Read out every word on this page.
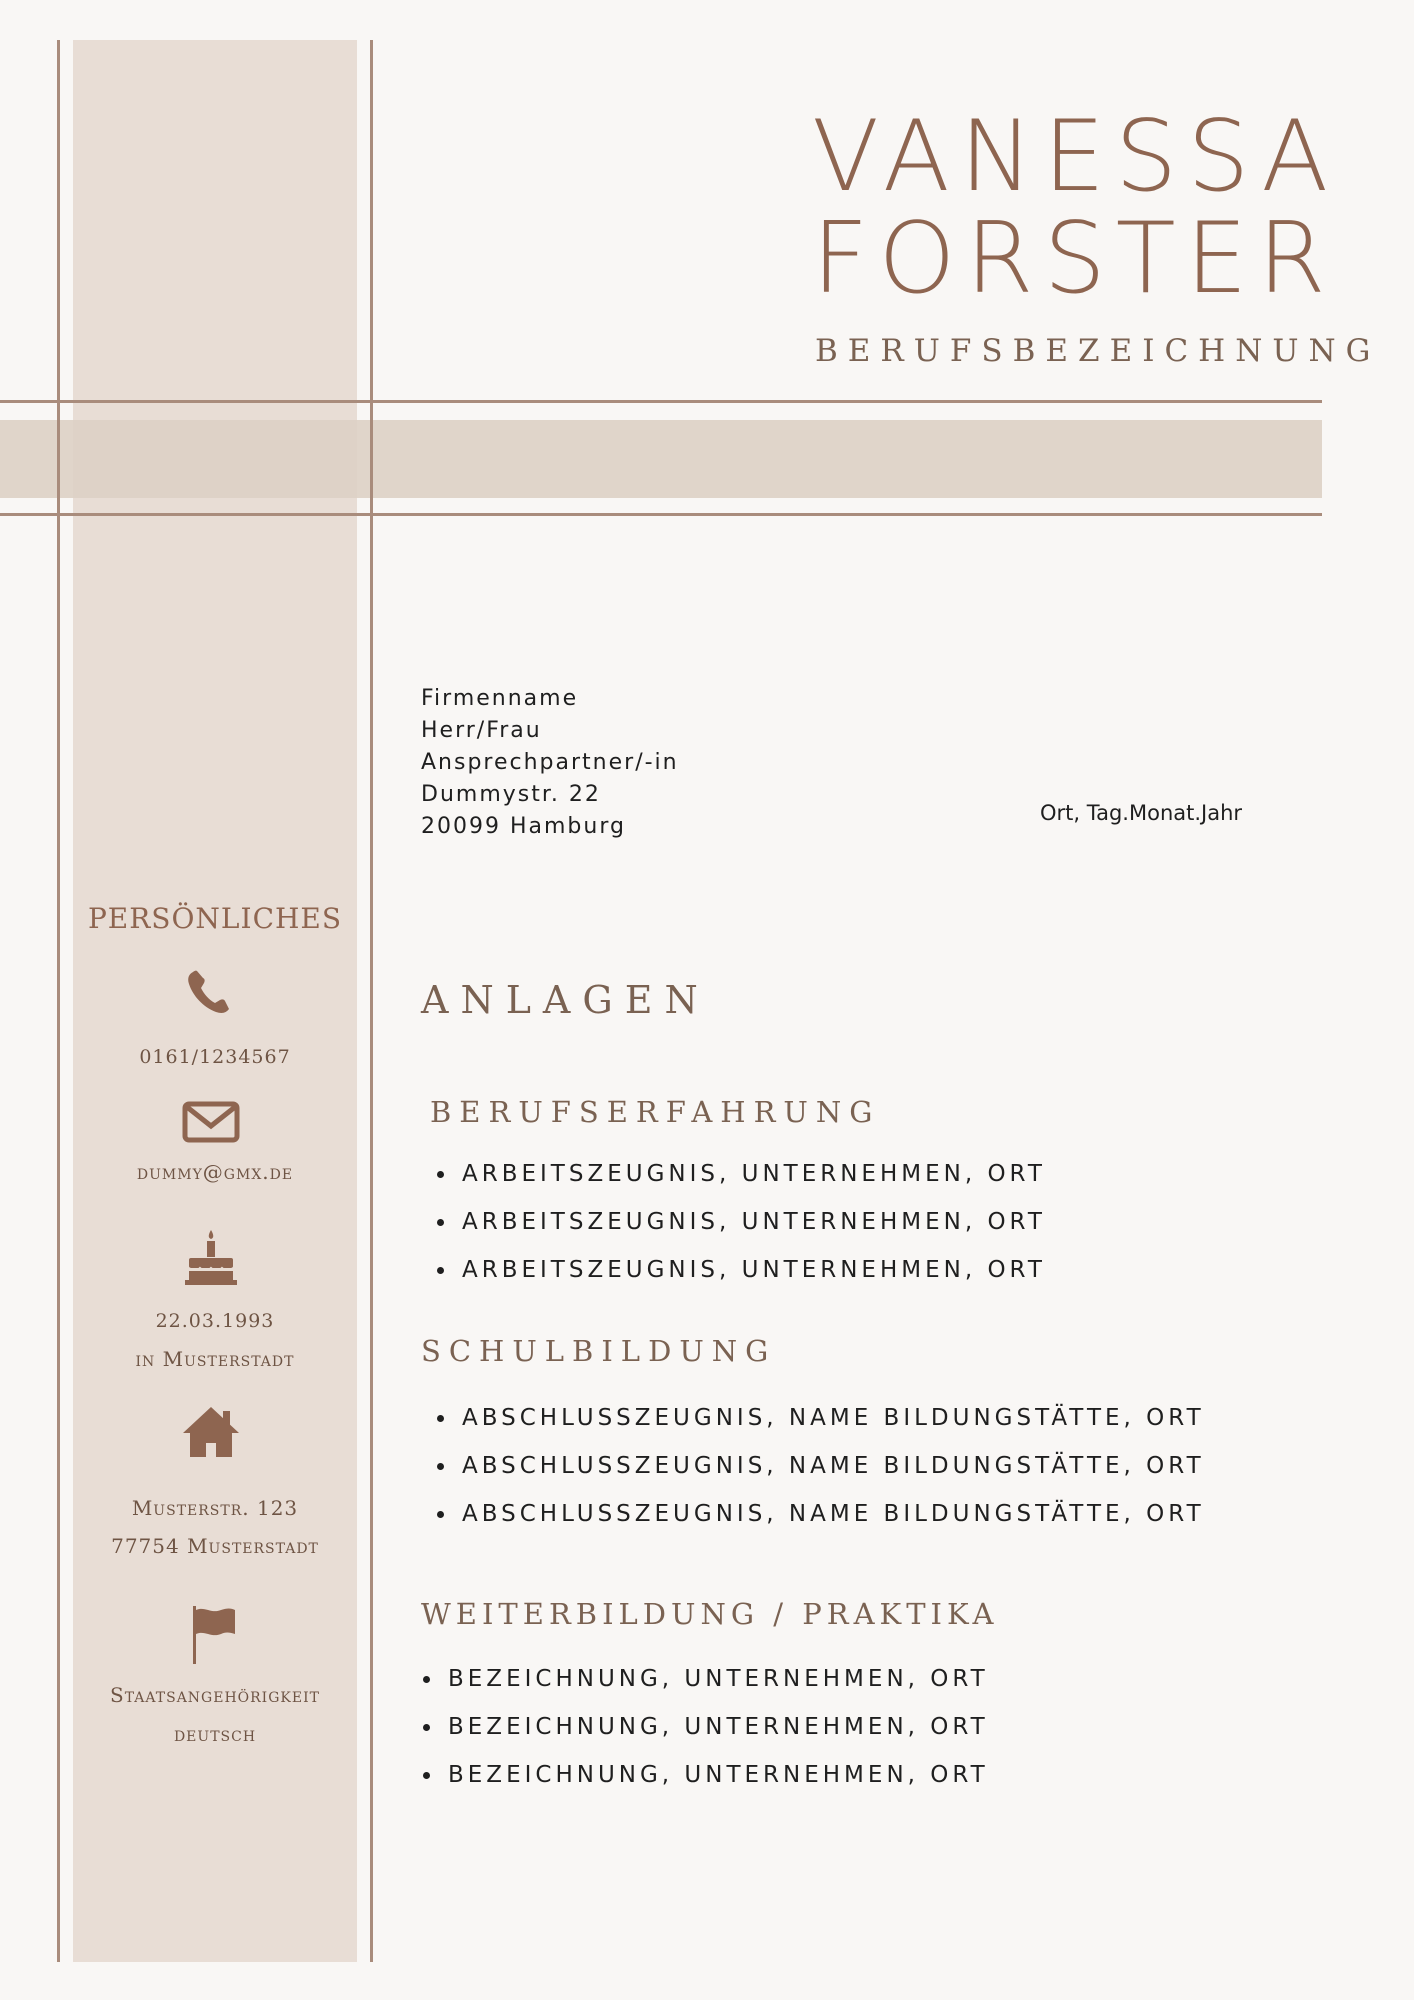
VANESSA
FORSTER
BERUFSBEZEICHNUNG
Firmenname
Herr/Frau
Ansprechpartner/-in
Dummystr. 22
20099 Hamburg
Ort, Tag.Monat.Jahr
PERSÖNLICHES
0161/1234567
dummy@gmx.de
22.03.1993
in Musterstadt
Musterstr. 123
77754 Musterstadt
Staatsangehörigkeit
deutsch
ANLAGEN
BERUFSERFAHRUNG
ARBEITSZEUGNIS, UNTERNEHMEN, ORT
ARBEITSZEUGNIS, UNTERNEHMEN, ORT
ARBEITSZEUGNIS, UNTERNEHMEN, ORT
SCHULBILDUNG
ABSCHLUSSZEUGNIS, NAME BILDUNGSTÄTTE, ORT
ABSCHLUSSZEUGNIS, NAME BILDUNGSTÄTTE, ORT
ABSCHLUSSZEUGNIS, NAME BILDUNGSTÄTTE, ORT
WEITERBILDUNG / PRAKTIKA
BEZEICHNUNG, UNTERNEHMEN, ORT
BEZEICHNUNG, UNTERNEHMEN, ORT
BEZEICHNUNG, UNTERNEHMEN, ORT
